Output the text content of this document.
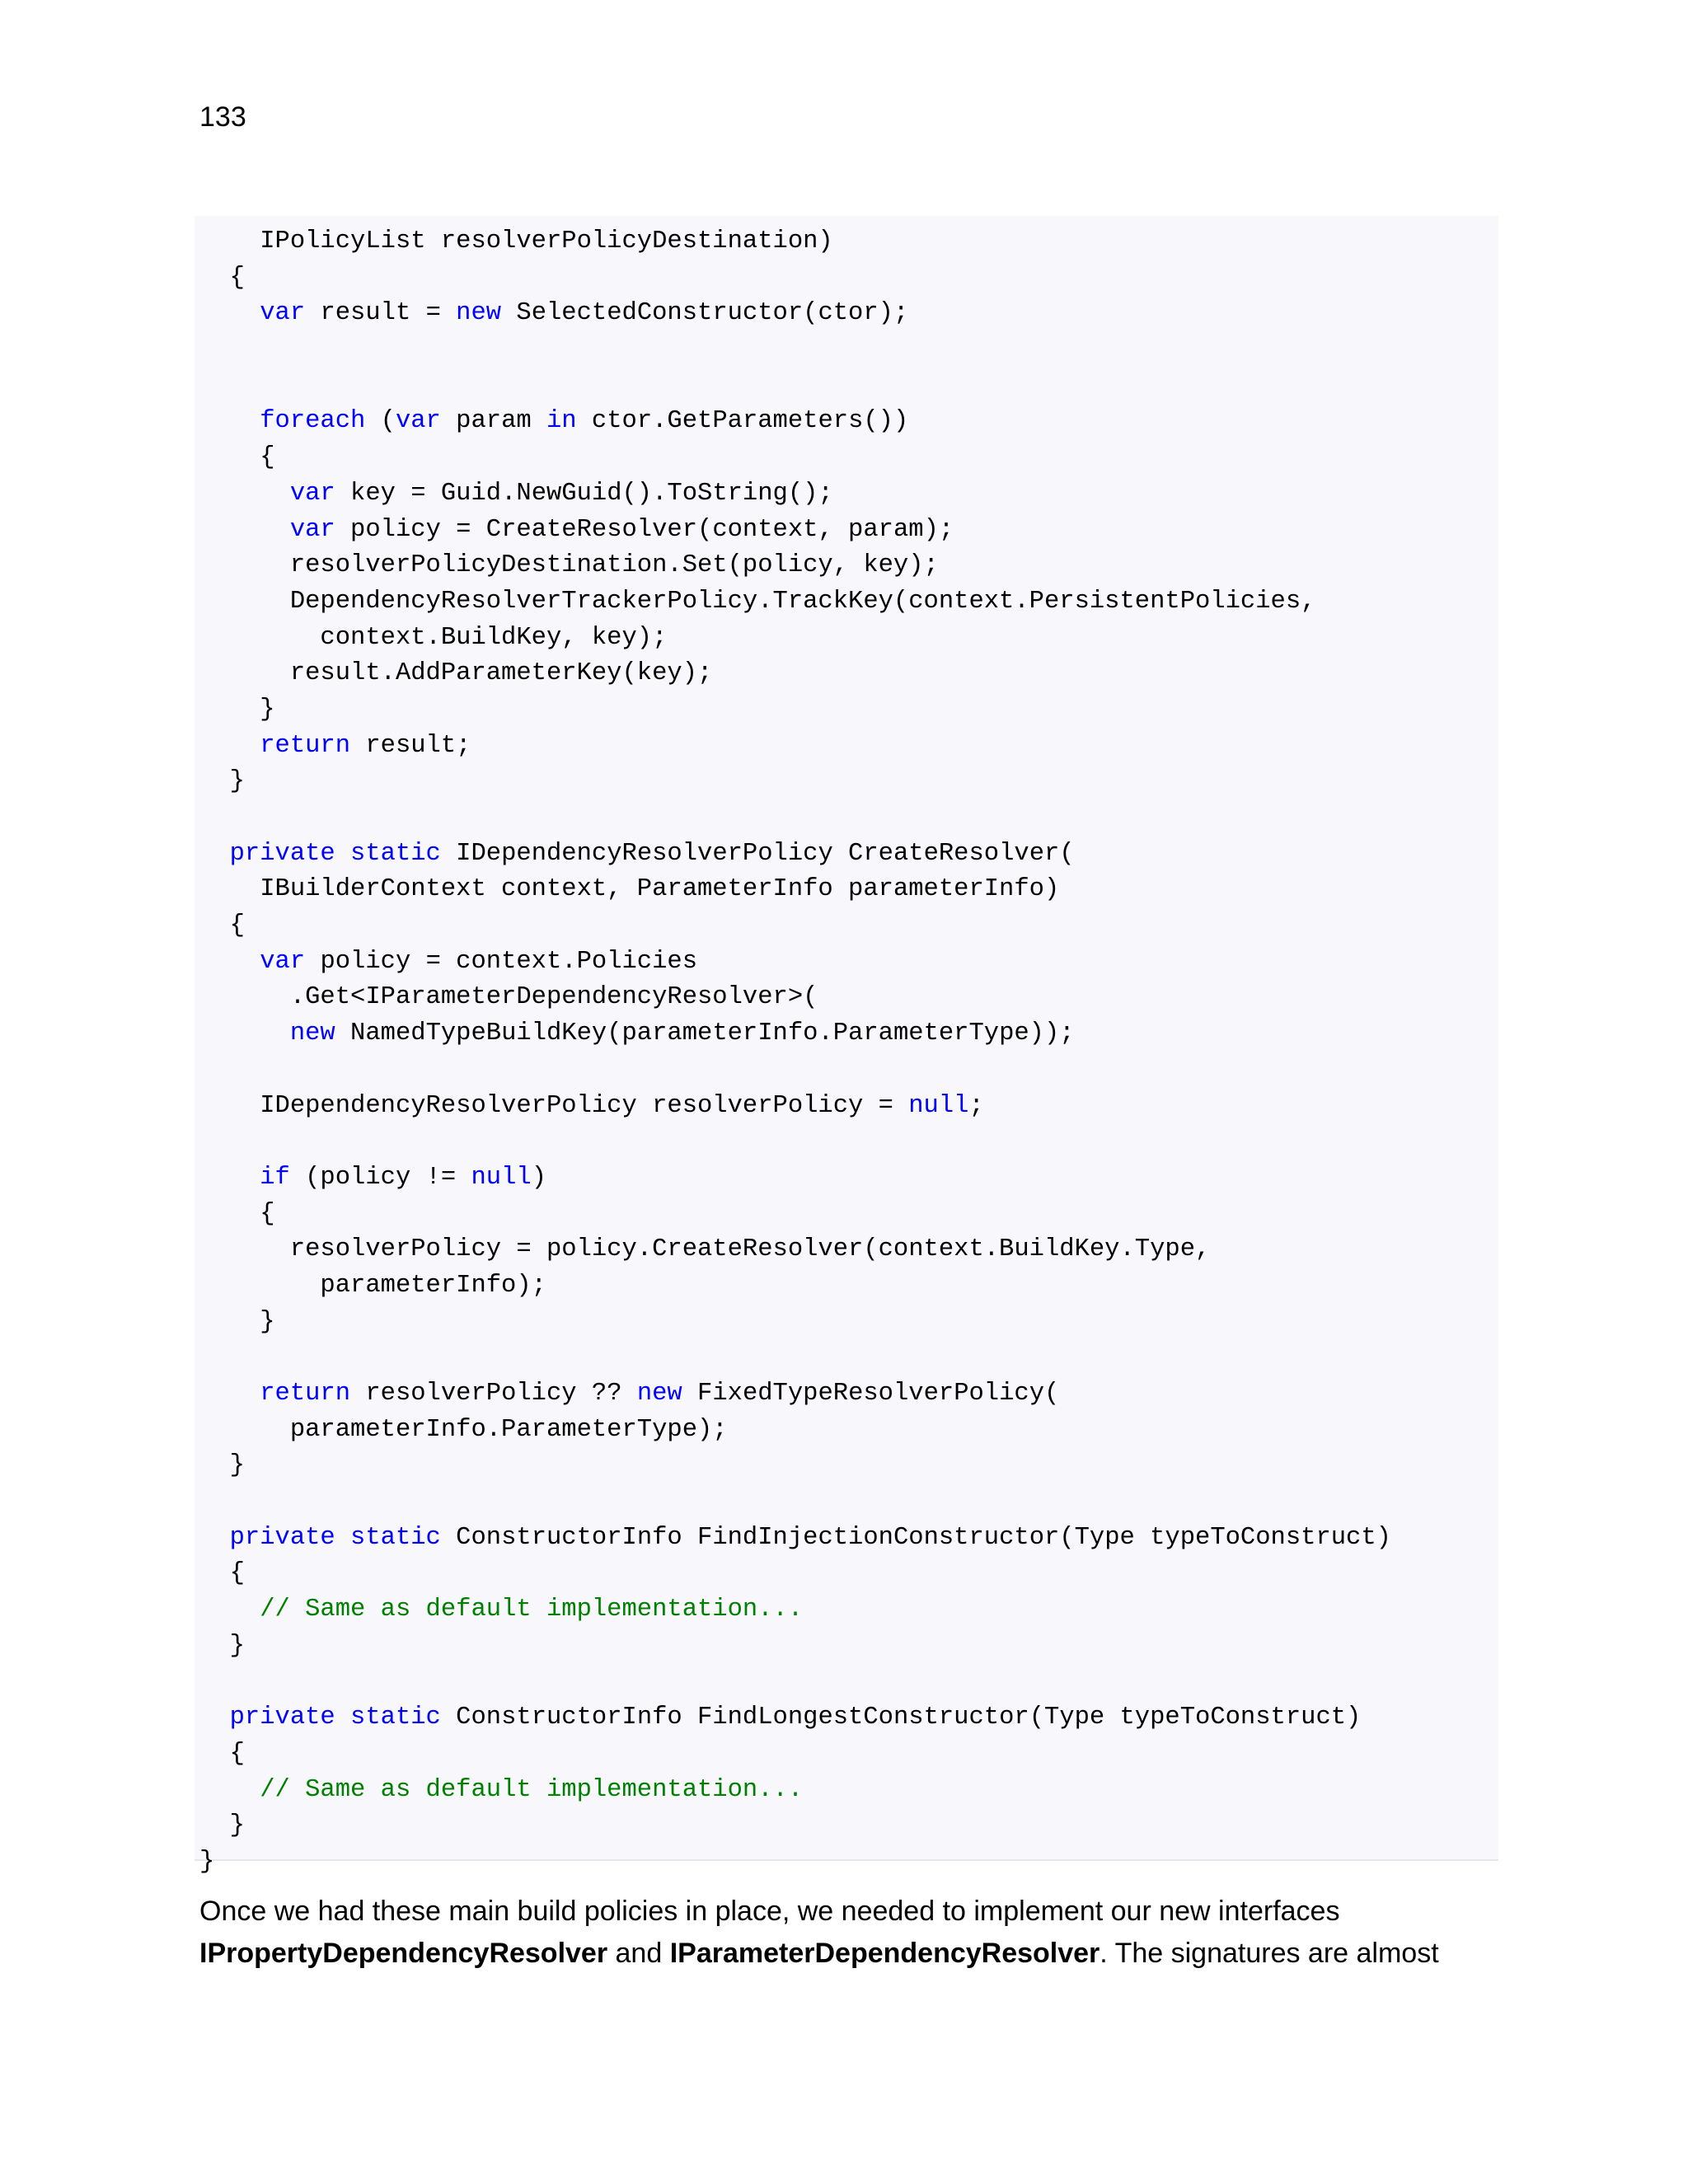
133
IPolicyList resolverPolicyDestination)
{
var result = new SelectedConstructor(ctor);

foreach (var param in ctor.GetParameters())
{
var key = Guid.NewGuid().ToString();
var policy = CreateResolver(context, param);
resolverPolicyDestination.Set(policy, key);
DependencyResolverTrackerPolicy.TrackKey(context.PersistentPolicies,
context.BuildKey, key);
result.AddParameterKey(key);
}
return result;
}

private static IDependencyResolverPolicy CreateResolver(
IBuilderContext context, ParameterInfo parameterInfo)
{
var policy = context.Policies
.Get<IParameterDependencyResolver>(
new NamedTypeBuildKey(parameterInfo.ParameterType));

IDependencyResolverPolicy resolverPolicy = null;

if (policy != null)
{
resolverPolicy = policy.CreateResolver(context.BuildKey.Type,
parameterInfo);
}

return resolverPolicy ?? new FixedTypeResolverPolicy(
parameterInfo.ParameterType);
}

private static ConstructorInfo FindInjectionConstructor(Type typeToConstruct)
{
// Same as default implementation...
}

private static ConstructorInfo FindLongestConstructor(Type typeToConstruct)
{
// Same as default implementation...
}
}

Once we had these main build policies in place, we needed to implement our new interfaces

IPropertyDependencyResolver and IParameterDependencyResolver. The signatures are almost
